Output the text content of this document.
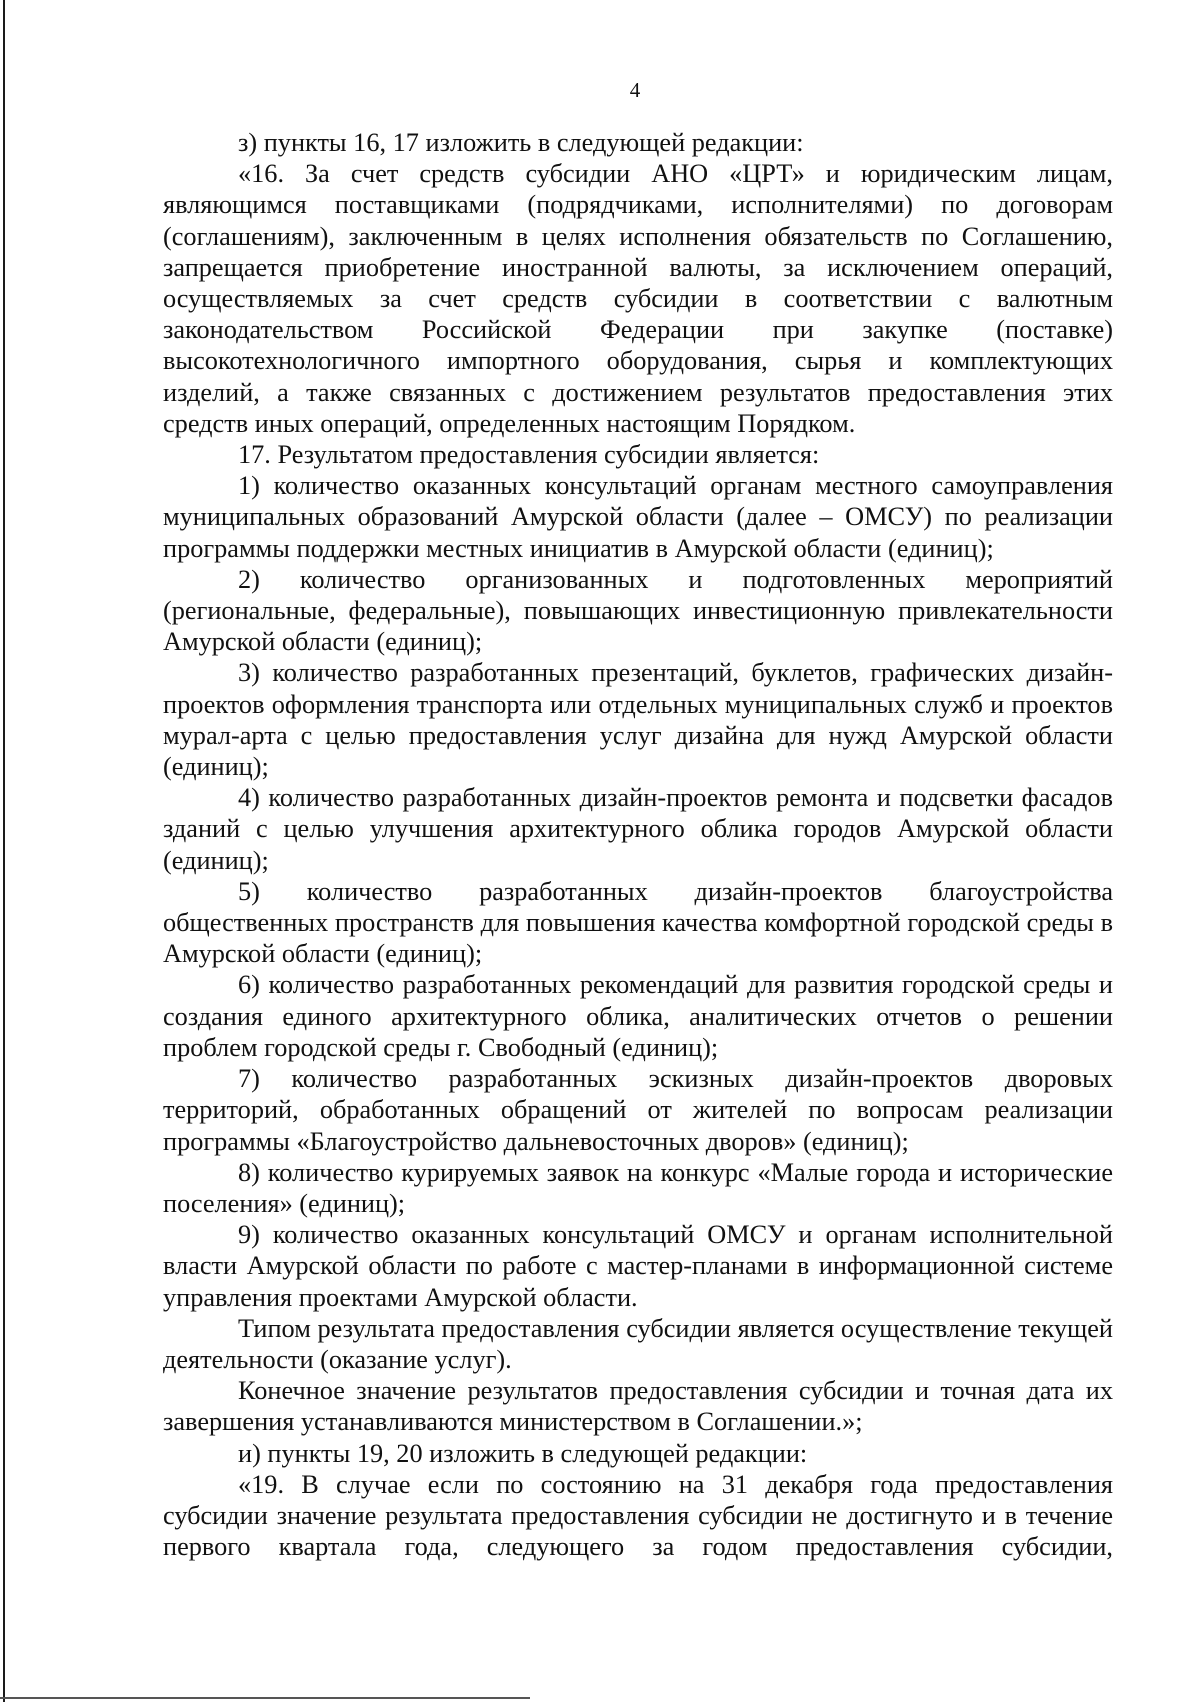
4

з) пункты 16, 17 изложить в следующей редакции:

«16. За счет средств субсидии АНО «ЦРТ» и юридическим лицам, являющимся поставщиками (подрядчиками, исполнителями) по договорам (соглашениям), заключенным в целях исполнения обязательств по Соглашению, запрещается приобретение иностранной валюты, за исключением операций, осуществляемых за счет средств субсидии в соответствии с валютным законодательством Российской Федерации при закупке (поставке) высокотехнологичного импортного оборудования, сырья и комплектующих изделий, а также связанных с достижением результатов предоставления этих средств иных операций, определенных настоящим Порядком.

17. Результатом предоставления субсидии является:

1) количество оказанных консультаций органам местного самоуправления муниципальных образований Амурской области (далее – ОМСУ) по реализации программы поддержки местных инициатив в Амурской области (единиц);

2) количество организованных и подготовленных мероприятий (региональные, федеральные), повышающих инвестиционную привлекательности Амурской области (единиц);

3) количество разработанных презентаций, буклетов, графических дизайн-проектов оформления транспорта или отдельных муниципальных служб и проектов мурал-арта с целью предоставления услуг дизайна для нужд Амурской области (единиц);

4) количество разработанных дизайн-проектов ремонта и подсветки фасадов зданий с целью улучшения архитектурного облика городов Амурской области (единиц);

5) количество разработанных дизайн-проектов благоустройства общественных пространств для повышения качества комфортной городской среды в Амурской области (единиц);

6) количество разработанных рекомендаций для развития городской среды и создания единого архитектурного облика, аналитических отчетов о решении проблем городской среды г. Свободный (единиц);

7) количество разработанных эскизных дизайн-проектов дворовых территорий, обработанных обращений от жителей по вопросам реализации программы «Благоустройство дальневосточных дворов» (единиц);

8) количество курируемых заявок на конкурс «Малые города и исторические поселения» (единиц);

9) количество оказанных консультаций ОМСУ и органам исполнительной власти Амурской области по работе с мастер-планами в информационной системе управления проектами Амурской области.

Типом результата предоставления субсидии является осуществление текущей деятельности (оказание услуг).

Конечное значение результатов предоставления субсидии и точная дата их завершения устанавливаются министерством в Соглашении.»;

и) пункты 19, 20 изложить в следующей редакции:

«19. В случае если по состоянию на 31 декабря года предоставления субсидии значение результата предоставления субсидии не достигнуто и в течение первого квартала года, следующего за годом предоставления субсидии,
